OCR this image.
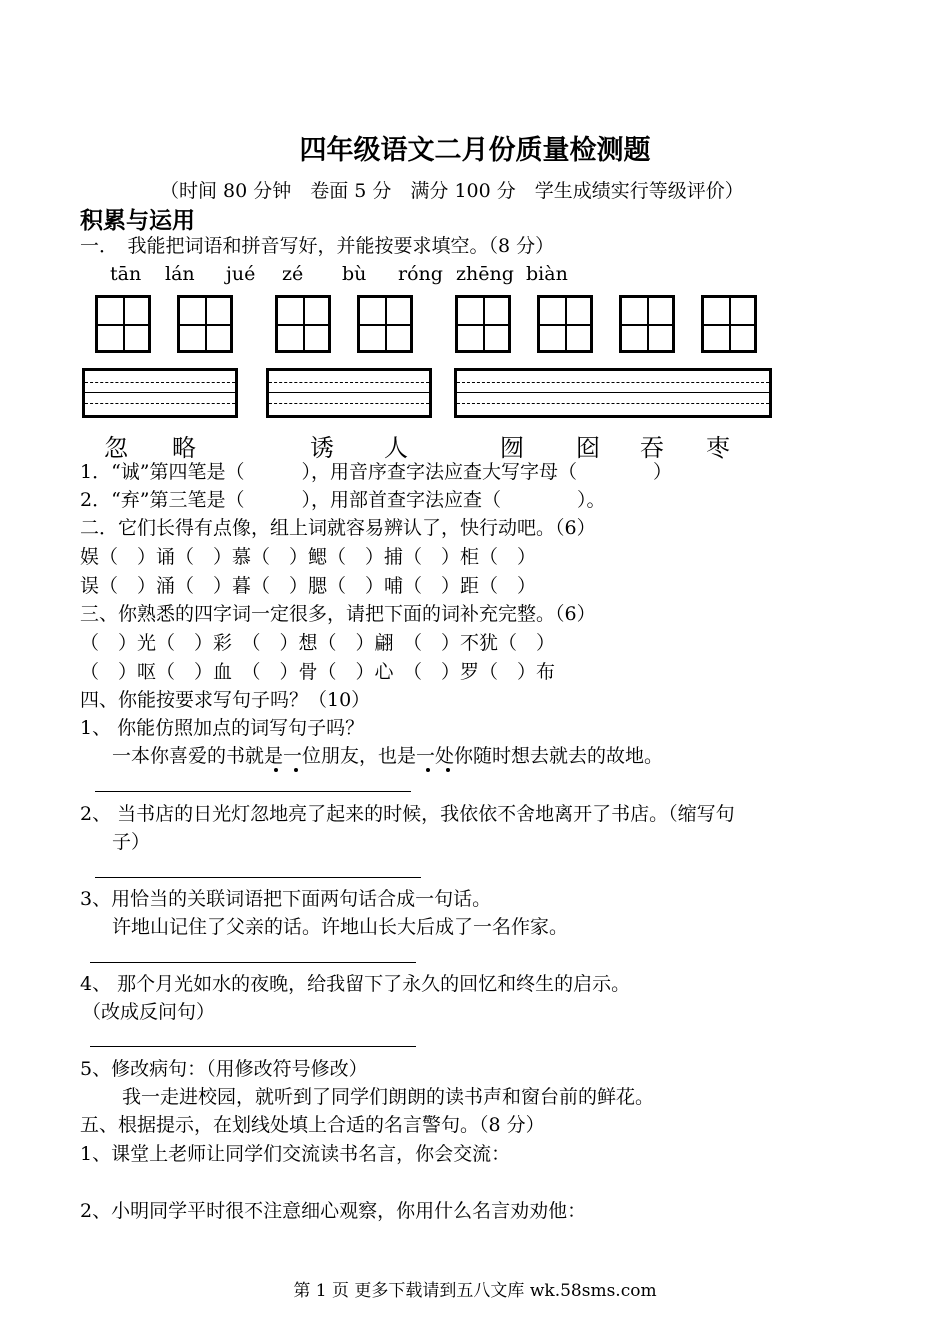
四年级语文二月份质量检测题
（时间 80 分钟　卷面 5 分　满分 100 分　学生成绩实行等级评价）
积累与运用
一．　我能把词语和拼音写好，并能按要求填空。（8 分）
tān lán jué zé bù róng zhēng biàn
忽 略	诱 人	囫 囵 吞 枣
1．“诚”第四笔是（　　　），用音序查字法应查大写字母（　　　　）
2．“弃”第三笔是（　　　），用部首查字法应查（　　　　）。
二．它们长得有点像，组上词就容易辨认了，快行动吧。（6）
娱（　）诵（　）慕（　）鳃（　）捕（　）柜（　）
误（　）涌（　）暮（　）腮（　）哺（　）距（　）
三、你熟悉的四字词一定很多，请把下面的词补充完整。（6）
（　）光（　）彩　（　）想（　）翩　（　）不犹（　）
（　）呕（　）血　（　）骨（　）心　（　）罗（　）布
四、你能按要求写句子吗？（10）
1、 你能仿照加点的词写句子吗？
一本你喜爱的书就是一位朋友，也是一处你随时想去就去的故地。
2、 当书店的日光灯忽地亮了起来的时候，我依依不舍地离开了书店。（缩写句
子）
3、用恰当的关联词语把下面两句话合成一句话。
许地山记住了父亲的话。许地山长大后成了一名作家。
4、 那个月光如水的夜晚，给我留下了永久的回忆和终生的启示。
（改成反问句）
5、修改病句：（用修改符号修改）
我一走进校园，就听到了同学们朗朗的读书声和窗台前的鲜花。
五、根据提示，在划线处填上合适的名言警句。（8 分）
1、课堂上老师让同学们交流读书名言，你会交流：
2、小明同学平时很不注意细心观察，你用什么名言劝劝他：
第 1 页 更多下载请到五八文库 wk.58sms.com
